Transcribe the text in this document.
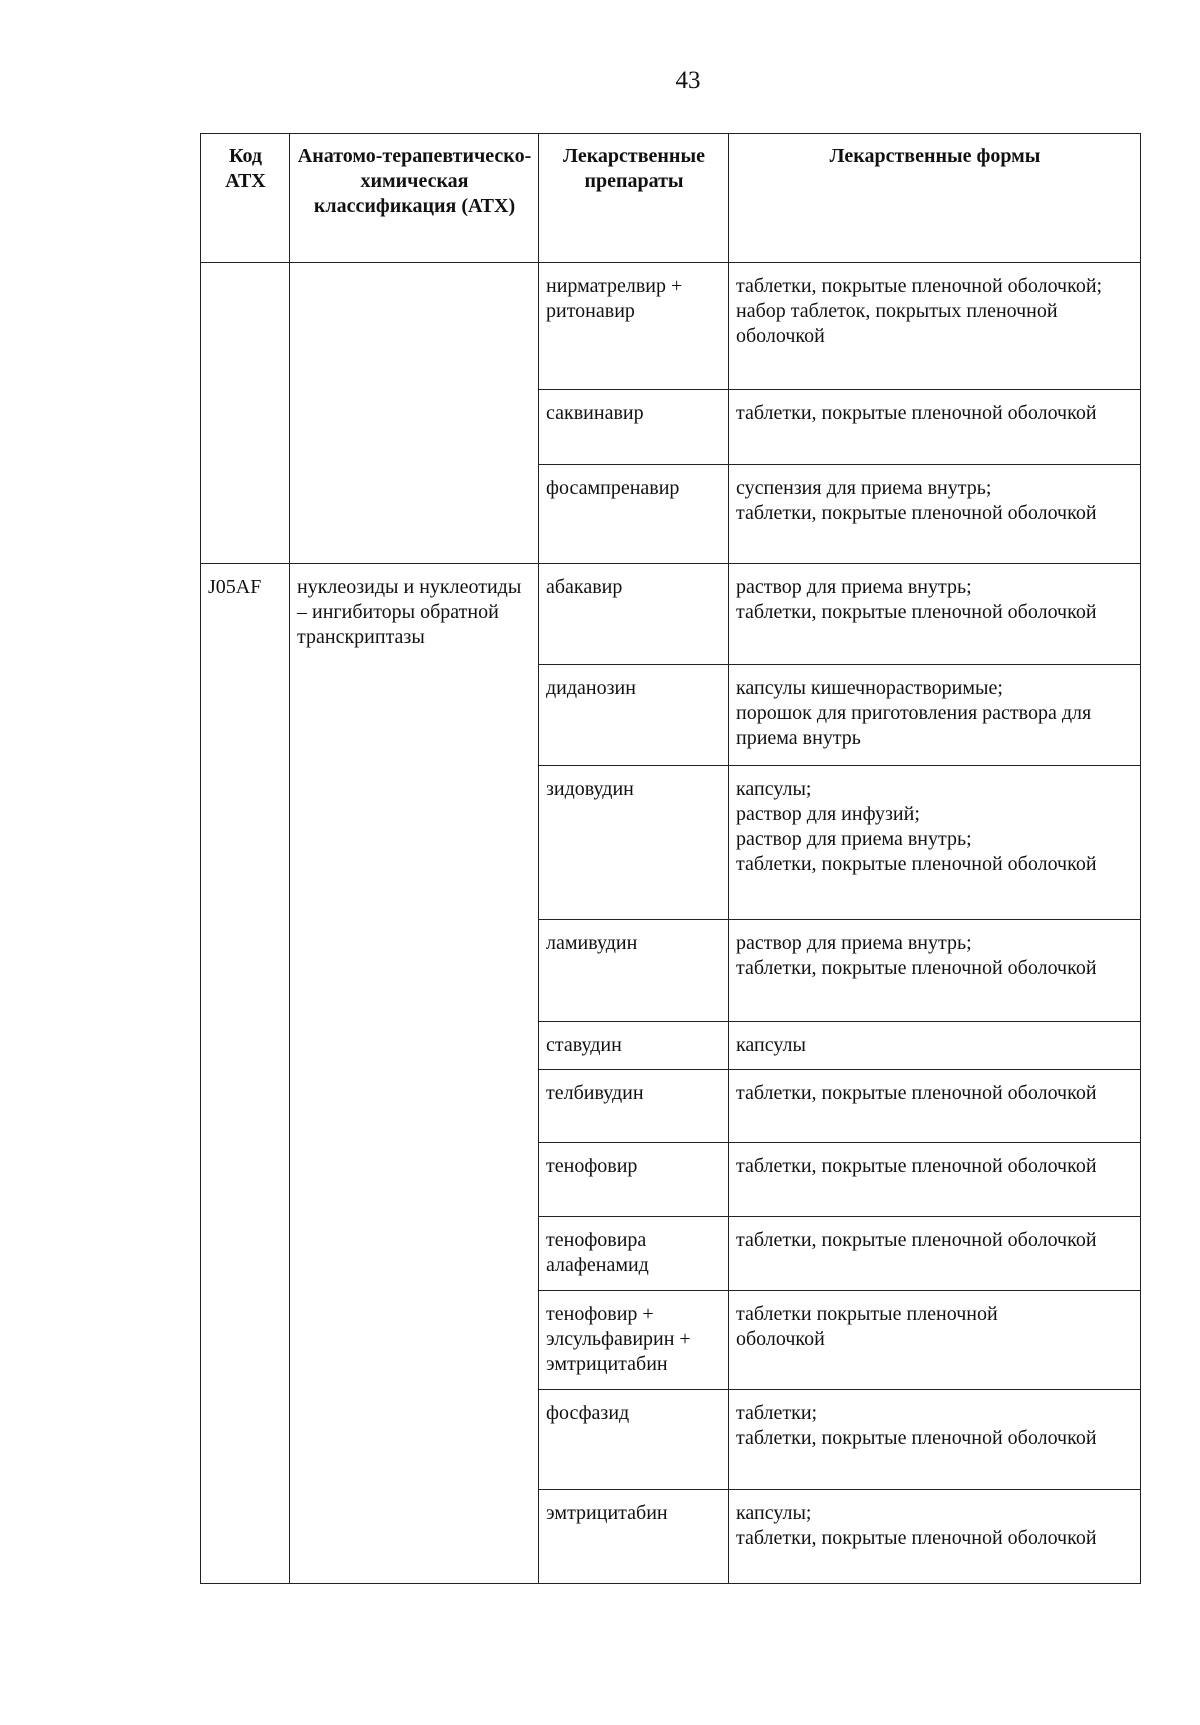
43
Код АТХ	Анатомо-терапевтическо-химическая классификация (АТХ)	Лекарственные препараты	Лекарственные формы
		нирматрелвир + ритонавир	таблетки, покрытые пленочной оболочкой;
набор таблеток, покрытых пленочной оболочкой

		саквинавир	таблетки, покрытые пленочной оболочкой

		фосампренавир	суспензия для приема внутрь;
таблетки, покрытые пленочной оболочкой

J05AF	нуклеозиды и нуклеотиды – ингибиторы обратной транскриптазы	абакавир	раствор для приема внутрь;
таблетки, покрытые пленочной оболочкой

		диданозин	капсулы кишечнорастворимые;
порошок для приготовления раствора для приема внутрь

		зидовудин	капсулы;
раствор для инфузий;
раствор для приема внутрь;
таблетки, покрытые пленочной оболочкой

		ламивудин	раствор для приема внутрь;
таблетки, покрытые пленочной оболочкой

		ставудин	капсулы

		телбивудин	таблетки, покрытые пленочной оболочкой

		тенофовир	таблетки, покрытые пленочной оболочкой

		тенофовира алафенамид	таблетки, покрытые пленочной оболочкой

		тенофовир + элсульфавирин + эмтрицитабин	таблетки покрытые пленочной
оболочкой

		фосфазид	таблетки;
таблетки, покрытые пленочной оболочкой

		эмтрицитабин	капсулы;
таблетки, покрытые пленочной оболочкой
